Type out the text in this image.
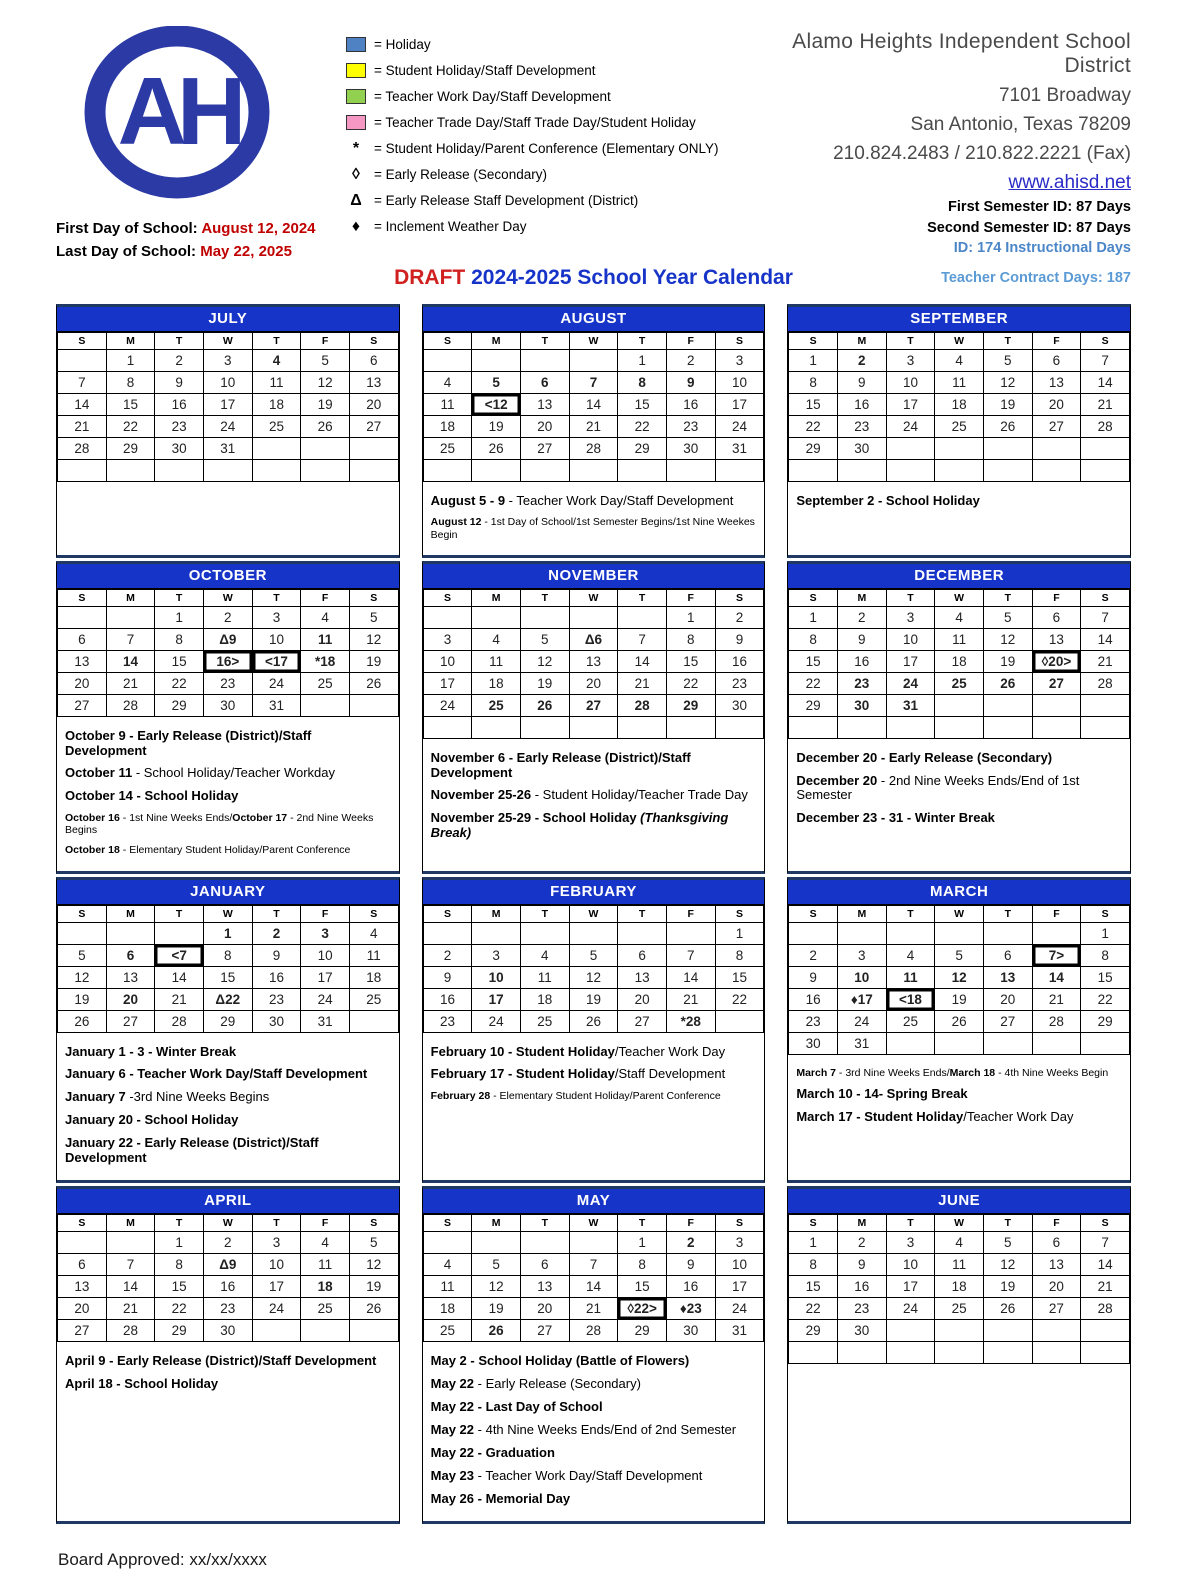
AH
First Day of School: August 12, 2024
Last Day of School: May 22, 2025
= Holiday
= Student Holiday/Staff Development
= Teacher Work Day/Staff Development
= Teacher Trade Day/Staff Trade Day/Student Holiday
*	= Student Holiday/Parent Conference (Elementary ONLY)
◊	= Early Release (Secondary)
Δ = Early Release Staff Development (District)
♦	= Inclement Weather Day
Alamo Heights Independent School District
7101 Broadway
San Antonio, Texas 78209
210.824.2483 / 210.822.2221 (Fax)
www.ahisd.net
First Semester ID: 87 Days
Second Semester ID: 87 Days
ID: 174 Instructional Days
DRAFT 2024-2025 School Year Calendar	Teacher Contract Days: 187
JULY
S	M	T	W	T	F	S
	1	2	3	4	5	6
7	8	9	10	11	12	13
14	15	16	17	18	19	20
21	22	23	24	25	26	27
28	29	30	31			

AUGUST
S	M	T	W	T	F	S
				1	2	3
4	5	6	7	8	9	10
11	<12	13	14	15	16	17
18	19	20	21	22	23	24
25	26	27	28	29	30	31

August 5 - 9 - Teacher Work Day/Staff Development
August 12 - 1st Day of School/1st Semester Begins/1st Nine Weekes Begin
SEPTEMBER
S	M	T	W	T	F	S
1	2	3	4	5	6	7
8	9	10	11	12	13	14
15	16	17	18	19	20	21
22	23	24	25	26	27	28
29	30					

September 2 - School Holiday
OCTOBER
S	M	T	W	T	F	S
		1	2	3	4	5
6	7	8	Δ9	10	11	12
13	14	15	16>	<17	*18	19
20	21	22	23	24	25	26
27	28	29	30	31		
October 9 - Early Release (District)/Staff Development
October 11 - School Holiday/Teacher Workday
October 14 - School Holiday
October 16 - 1st Nine Weeks Ends/October 17 - 2nd Nine Weeks Begins
October 18 - Elementary Student Holiday/Parent Conference
NOVEMBER
S	M	T	W	T	F	S
					1	2
3	4	5	Δ6	7	8	9
10	11	12	13	14	15	16
17	18	19	20	21	22	23
24	25	26	27	28	29	30

November 6 - Early Release (District)/Staff Development
November 25-26 - Student Holiday/Teacher Trade Day
November 25-29 - School Holiday (Thanksgiving Break)
DECEMBER
S	M	T	W	T	F	S
1	2	3	4	5	6	7
8	9	10	11	12	13	14
15	16	17	18	19	◊20>	21
22	23	24	25	26	27	28
29	30	31				

December 20 - Early Release (Secondary)
December 20 - 2nd Nine Weeks Ends/End of 1st Semester
December 23 - 31 - Winter Break
JANUARY
S	M	T	W	T	F	S
			1	2	3	4
5	6	<7	8	9	10	11
12	13	14	15	16	17	18
19	20	21	Δ22	23	24	25
26	27	28	29	30	31	
January 1 - 3 - Winter Break
January 6 - Teacher Work Day/Staff Development
January 7 -3rd Nine Weeks Begins
January 20 - School Holiday
January 22 - Early Release (District)/Staff Development
FEBRUARY
S	M	T	W	T	F	S
						1
2	3	4	5	6	7	8
9	10	11	12	13	14	15
16	17	18	19	20	21	22
23	24	25	26	27	*28	
February 10 - Student Holiday/Teacher Work Day
February 17 - Student Holiday/Staff Development
February 28 - Elementary Student Holiday/Parent Conference
MARCH
S	M	T	W	T	F	S
						1
2	3	4	5	6	7>	8
9	10	11	12	13	14	15
16	♦17	<18	19	20	21	22
23	24	25	26	27	28	29
30	31					
March 7 - 3rd Nine Weeks Ends/March 18 - 4th Nine Weeks Begin
March 10 - 14- Spring Break
March 17 - Student Holiday/Teacher Work Day
APRIL
S	M	T	W	T	F	S
		1	2	3	4	5
6	7	8	Δ9	10	11	12
13	14	15	16	17	18	19
20	21	22	23	24	25	26
27	28	29	30			
April 9 - Early Release (District)/Staff Development
April 18 - School Holiday
MAY
S	M	T	W	T	F	S
				1	2	3
4	5	6	7	8	9	10
11	12	13	14	15	16	17
18	19	20	21	◊22>	♦23	24
25	26	27	28	29	30	31
May 2 - School Holiday (Battle of Flowers)
May 22 - Early Release (Secondary)
May 22 - Last Day of School
May 22 - 4th Nine Weeks Ends/End of 2nd Semester
May 22 - Graduation
May 23 - Teacher Work Day/Staff Development
May 26 - Memorial Day
JUNE
S	M	T	W	T	F	S
1	2	3	4	5	6	7
8	9	10	11	12	13	14
15	16	17	18	19	20	21
22	23	24	25	26	27	28
29	30					

Board Approved: xx/xx/xxxx
